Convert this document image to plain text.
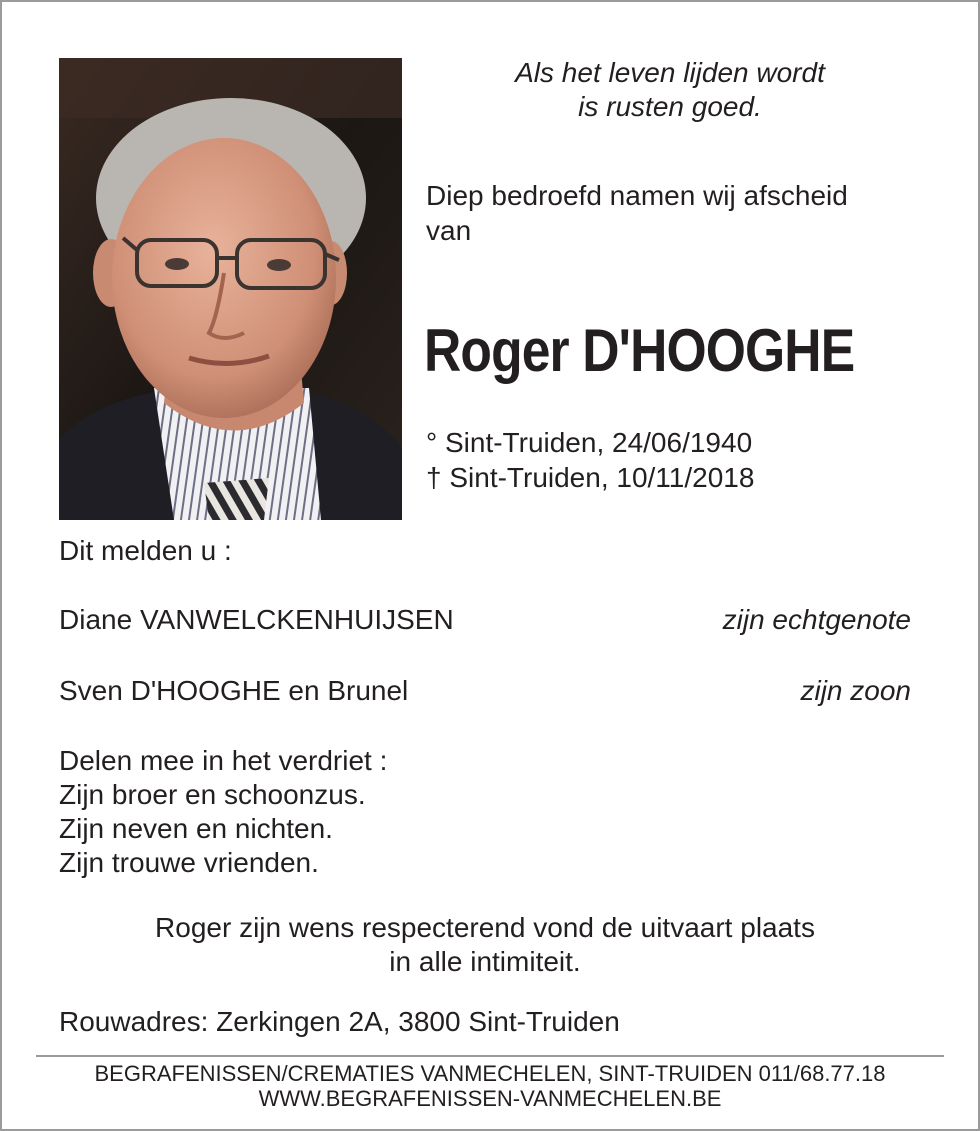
Als het leven lijden wordt
is rusten goed.
Diep bedroefd namen wij afscheid
van
Roger D'HOOGHE
° Sint-Truiden, 24/06/1940
† Sint-Truiden, 10/11/2018
Dit melden u :
Diane VANWELCKENHUIJSEN	zijn echtgenote
Sven D'HOOGHE en Brunel	zijn zoon
Delen mee in het verdriet :
Zijn broer en schoonzus.
Zijn neven en nichten.
Zijn trouwe vrienden.
Roger zijn wens respecterend vond de uitvaart plaats
in alle intimiteit.
Rouwadres: Zerkingen 2A, 3800 Sint-Truiden
BEGRAFENISSEN/CREMATIES VANMECHELEN, SINT-TRUIDEN 011/68.77.18
WWW.BEGRAFENISSEN-VANMECHELEN.BE
